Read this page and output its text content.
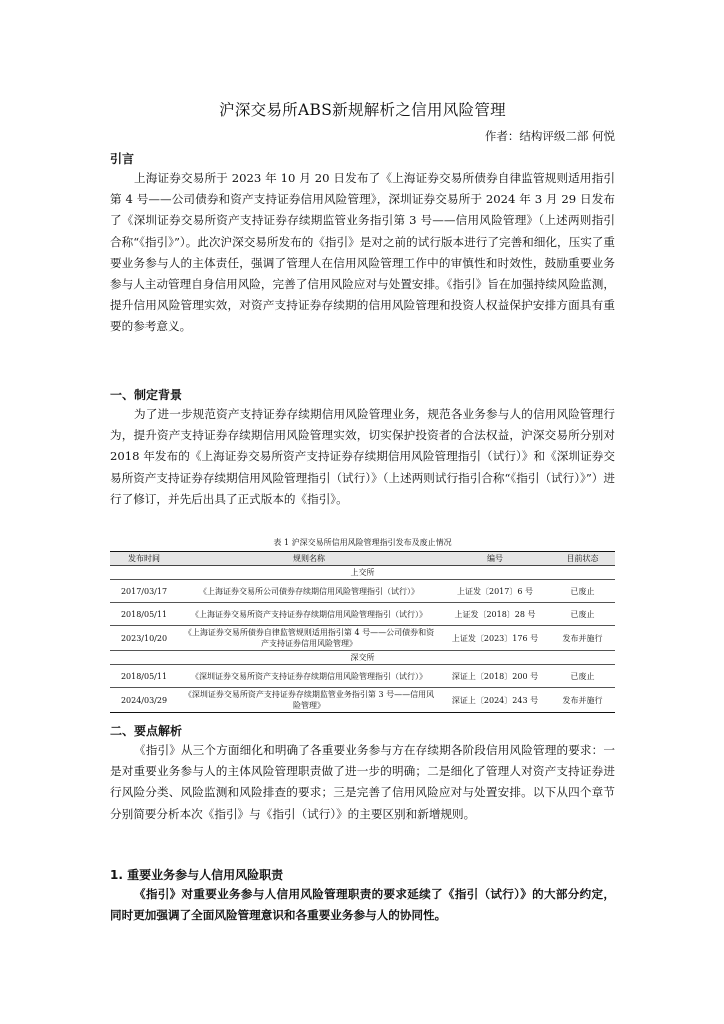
沪深交易所ABS新规解析之信用风险管理
作者：结构评级二部 何悦
引言

上海证券交易所于 2023 年 10 月 20 日发布了《上海证券交易所债券自律监管规则适用指引第 4 号——公司债券和资产支持证券信用风险管理》，深圳证券交易所于 2024 年 3 月 29 日发布了《深圳证券交易所资产支持证券存续期监管业务指引第 3 号——信用风险管理》（上述两则指引合称“《指引》”）。此次沪深交易所发布的《指引》是对之前的试行版本进行了完善和细化，压实了重要业务参与人的主体责任，强调了管理人在信用风险管理工作中的审慎性和时效性，鼓励重要业务参与人主动管理自身信用风险，完善了信用风险应对与处置安排。《指引》旨在加强持续风险监测，提升信用风险管理实效，对资产支持证券存续期的信用风险管理和投资人权益保护安排方面具有重要的参考意义。

一、制定背景

为了进一步规范资产支持证券存续期信用风险管理业务，规范各业务参与人的信用风险管理行为，提升资产支持证券存续期信用风险管理实效，切实保护投资者的合法权益，沪深交易所分别对 2018 年发布的《上海证券交易所资产支持证券存续期信用风险管理指引（试行）》和《深圳证券交易所资产支持证券存续期信用风险管理指引（试行）》（上述两则试行指引合称“《指引（试行）》”）进行了修订，并先后出具了正式版本的《指引》。

表 1 沪深交易所信用风险管理指引发布及废止情况
发布时间	规则名称	编号	目前状态
上交所			
2017/03/17	《上海证券交易所公司债券存续期信用风险管理指引（试行）》	上证发〔2017〕6 号	已废止
2018/05/11	《上海证券交易所资产支持证券存续期信用风险管理指引（试行）》	上证发〔2018〕28 号	已废止
2023/10/20	《上海证券交易所债券自律监管规则适用指引第 4 号——公司债券和资产支持证券信用风险管理》	上证发〔2023〕176 号	发布并施行
深交所			
2018/05/11	《深圳证券交易所资产支持证券存续期信用风险管理指引（试行）》	深证上〔2018〕200 号	已废止
2024/03/29	《深圳证券交易所资产支持证券存续期监管业务指引第 3 号——信用风险管理》	深证上〔2024〕243 号	发布并施行
二、要点解析

《指引》从三个方面细化和明确了各重要业务参与方在存续期各阶段信用风险管理的要求：一是对重要业务参与人的主体风险管理职责做了进一步的明确；二是细化了管理人对资产支持证券进行风险分类、风险监测和风险排查的要求；三是完善了信用风险应对与处置安排。以下从四个章节分别简要分析本次《指引》与《指引（试行）》的主要区别和新增规则。

1. 重要业务参与人信用风险职责

《指引》对重要业务参与人信用风险管理职责的要求延续了《指引（试行）》的大部分约定，同时更加强调了全面风险管理意识和各重要业务参与人的协同性。
